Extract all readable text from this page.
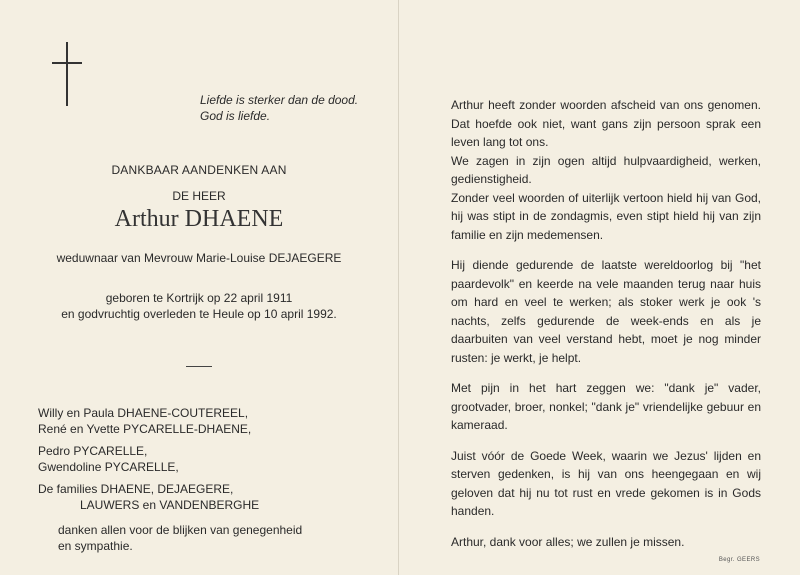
Liefde is sterker dan de dood.
God is liefde.
DANKBAAR AANDENKEN AAN
DE HEER
Arthur DHAENE
weduwnaar van Mevrouw Marie-Louise DEJAEGERE
geboren te Kortrijk op 22 april 1911
en godvruchtig overleden te Heule op 10 april 1992.
Willy en Paula DHAENE-COUTEREEL,
René en Yvette PYCARELLE-DHAENE,
Pedro PYCARELLE,
Gwendoline PYCARELLE,
De families DHAENE, DEJAEGERE,
LAUWERS en VANDENBERGHE
danken allen voor de blijken van genegenheid
en sympathie.

Arthur heeft zonder woorden afscheid van ons genomen. Dat hoefde ook niet, want gans zijn persoon sprak een leven lang tot ons.

We zagen in zijn ogen altijd hulpvaardigheid, werken, gedienstigheid.

Zonder veel woorden of uiterlijk vertoon hield hij van God, hij was stipt in de zondagmis, even stipt hield hij van zijn familie en zijn medemensen.

Hij diende gedurende de laatste wereldoorlog bij "het paardevolk" en keerde na vele maanden terug naar huis om hard en veel te werken; als stoker werk je ook 's nachts, zelfs gedurende de week-ends en als je daarbuiten van veel verstand hebt, moet je nog minder rusten: je werkt, je helpt.

Met pijn in het hart zeggen we: "dank je" vader, grootvader, broer, nonkel; "dank je" vriendelijke gebuur en kameraad.

Juist vóór de Goede Week, waarin we Jezus' lijden en sterven gedenken, is hij van ons heengegaan en wij geloven dat hij nu tot rust en vrede gekomen is in Gods handen.

Arthur, dank voor alles; we zullen je missen.

Begr. GEERS
